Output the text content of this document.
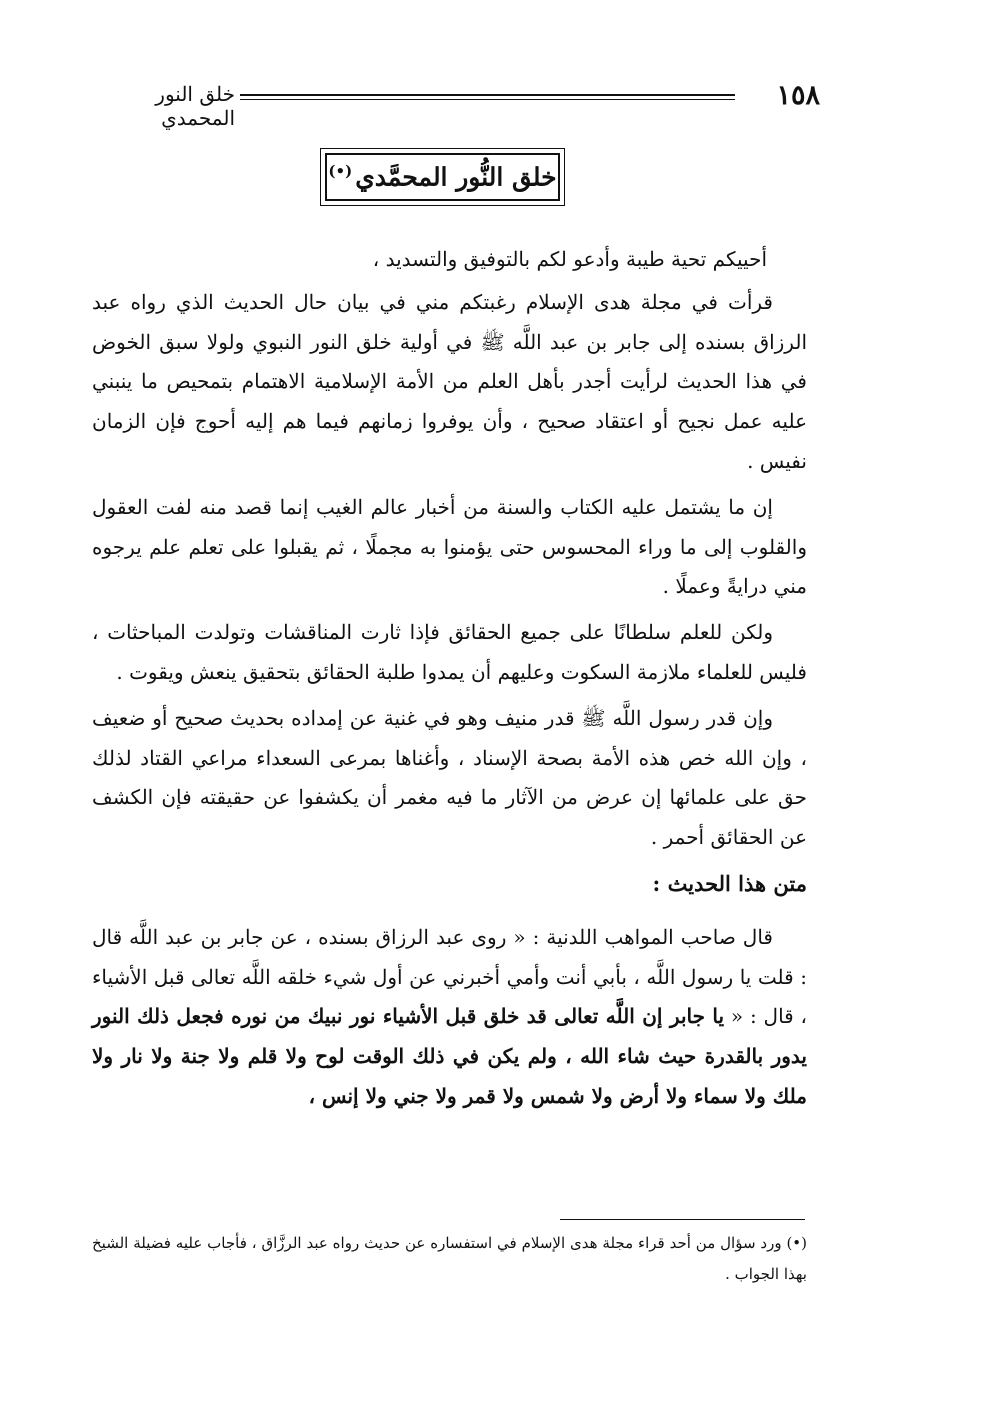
١٥٨
خلق النور المحمدي
خلق النُّور المحمَّدي(•)

أحييكم تحية طيبة وأدعو لكم بالتوفيق والتسديد ،

قرأت في مجلة هدى الإسلام رغبتكم مني في بيان حال الحديث الذي رواه عبد الرزاق بسنده إلى جابر بن عبد اللَّه ﷺ في أولية خلق النور النبوي ولولا سبق الخوض في هذا الحديث لرأيت أجدر بأهل العلم من الأمة الإسلامية الاهتمام بتمحيص ما ينبني عليه عمل نجيح أو اعتقاد صحيح ، وأن يوفروا زمانهم فيما هم إليه أحوج فإن الزمان نفيس .

إن ما يشتمل عليه الكتاب والسنة من أخبار عالم الغيب إنما قصد منه لفت العقول والقلوب إلى ما وراء المحسوس حتى يؤمنوا به مجملًا ، ثم يقبلوا على تعلم علم يرجوه مني درايةً وعملًا .

ولكن للعلم سلطانًا على جميع الحقائق فإذا ثارت المناقشات وتولدت المباحثات ، فليس للعلماء ملازمة السكوت وعليهم أن يمدوا طلبة الحقائق بتحقيق ينعش ويقوت .

وإن قدر رسول اللَّه ﷺ قدر منيف وهو في غنية عن إمداده بحديث صحيح أو ضعيف ، وإن الله خص هذه الأمة بصحة الإسناد ، وأغناها بمرعى السعداء مراعي القتاد لذلك حق على علمائها إن عرض من الآثار ما فيه مغمر أن يكشفوا عن حقيقته فإن الكشف عن الحقائق أحمر .

متن هذا الحديث :

قال صاحب المواهب اللدنية : « روى عبد الرزاق بسنده ، عن جابر بن عبد اللَّه قال : قلت يا رسول اللَّه ، بأبي أنت وأمي أخبرني عن أول شيء خلقه اللَّه تعالى قبل الأشياء ، قال : « يا جابر إن اللَّه تعالى قد خلق قبل الأشياء نور نبيك من نوره فجعل ذلك النور يدور بالقدرة حيث شاء الله ، ولم يكن في ذلك الوقت لوح ولا قلم ولا جنة ولا نار ولا ملك ولا سماء ولا أرض ولا شمس ولا قمر ولا جني ولا إنس ،

(•) ورد سؤال من أحد قراء مجلة هدى الإسلام في استفساره عن حديث رواه عبد الرزَّاق ، فأجاب عليه فضيلة الشيخ بهذا الجواب .
